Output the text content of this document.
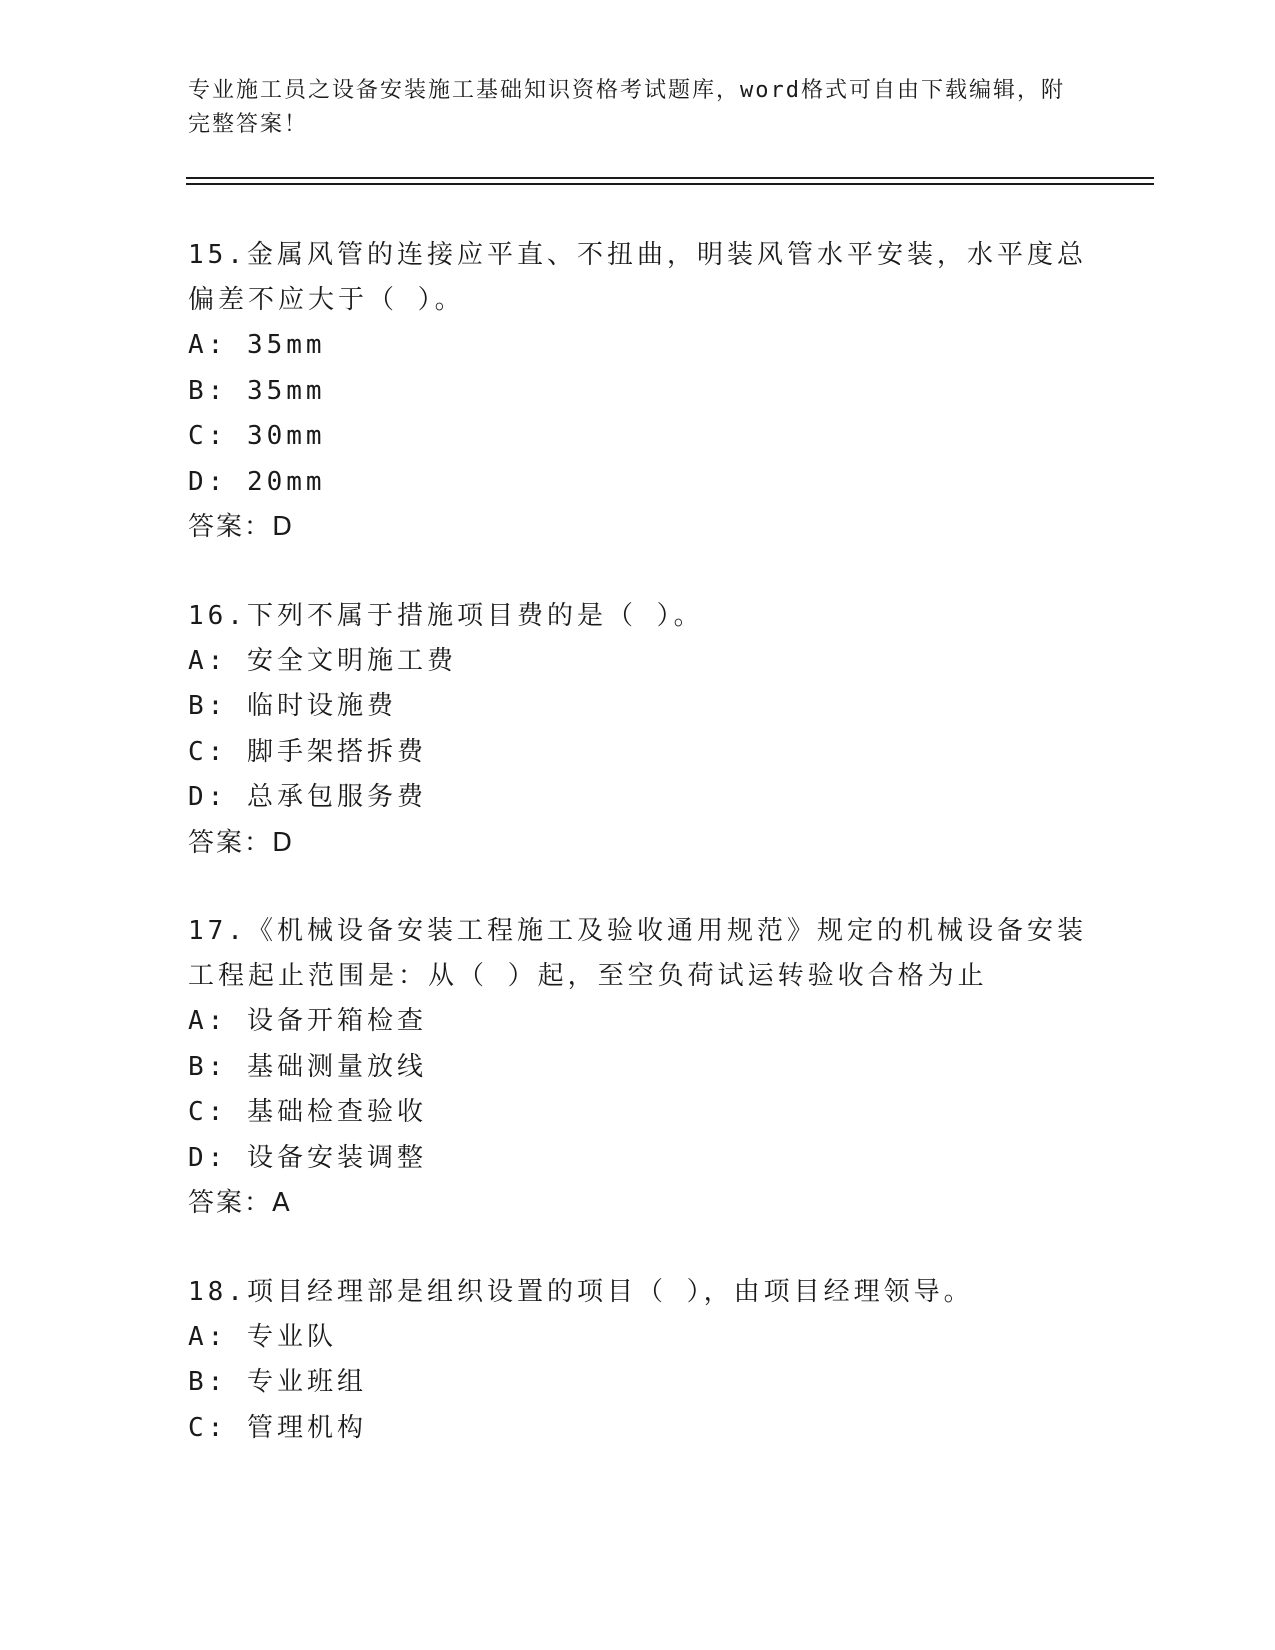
专业施工员之设备安装施工基础知识资格考试题库，word格式可自由下载编辑，附完整答案！
15.金属风管的连接应平直、不扭曲，明装风管水平安装，水平度总偏差不应大于（ ）。
A: 35mm
B: 35mm
C: 30mm
D: 20mm
答案：D
16.下列不属于措施项目费的是（ ）。
A: 安全文明施工费
B: 临时设施费
C: 脚手架搭拆费
D: 总承包服务费
答案：D
17.《机械设备安装工程施工及验收通用规范》规定的机械设备安装工程起止范围是：从（ ）起，至空负荷试运转验收合格为止
A: 设备开箱检查
B: 基础测量放线
C: 基础检查验收
D: 设备安装调整
答案：A
18.项目经理部是组织设置的项目（ ），由项目经理领导。
A: 专业队
B: 专业班组
C: 管理机构
